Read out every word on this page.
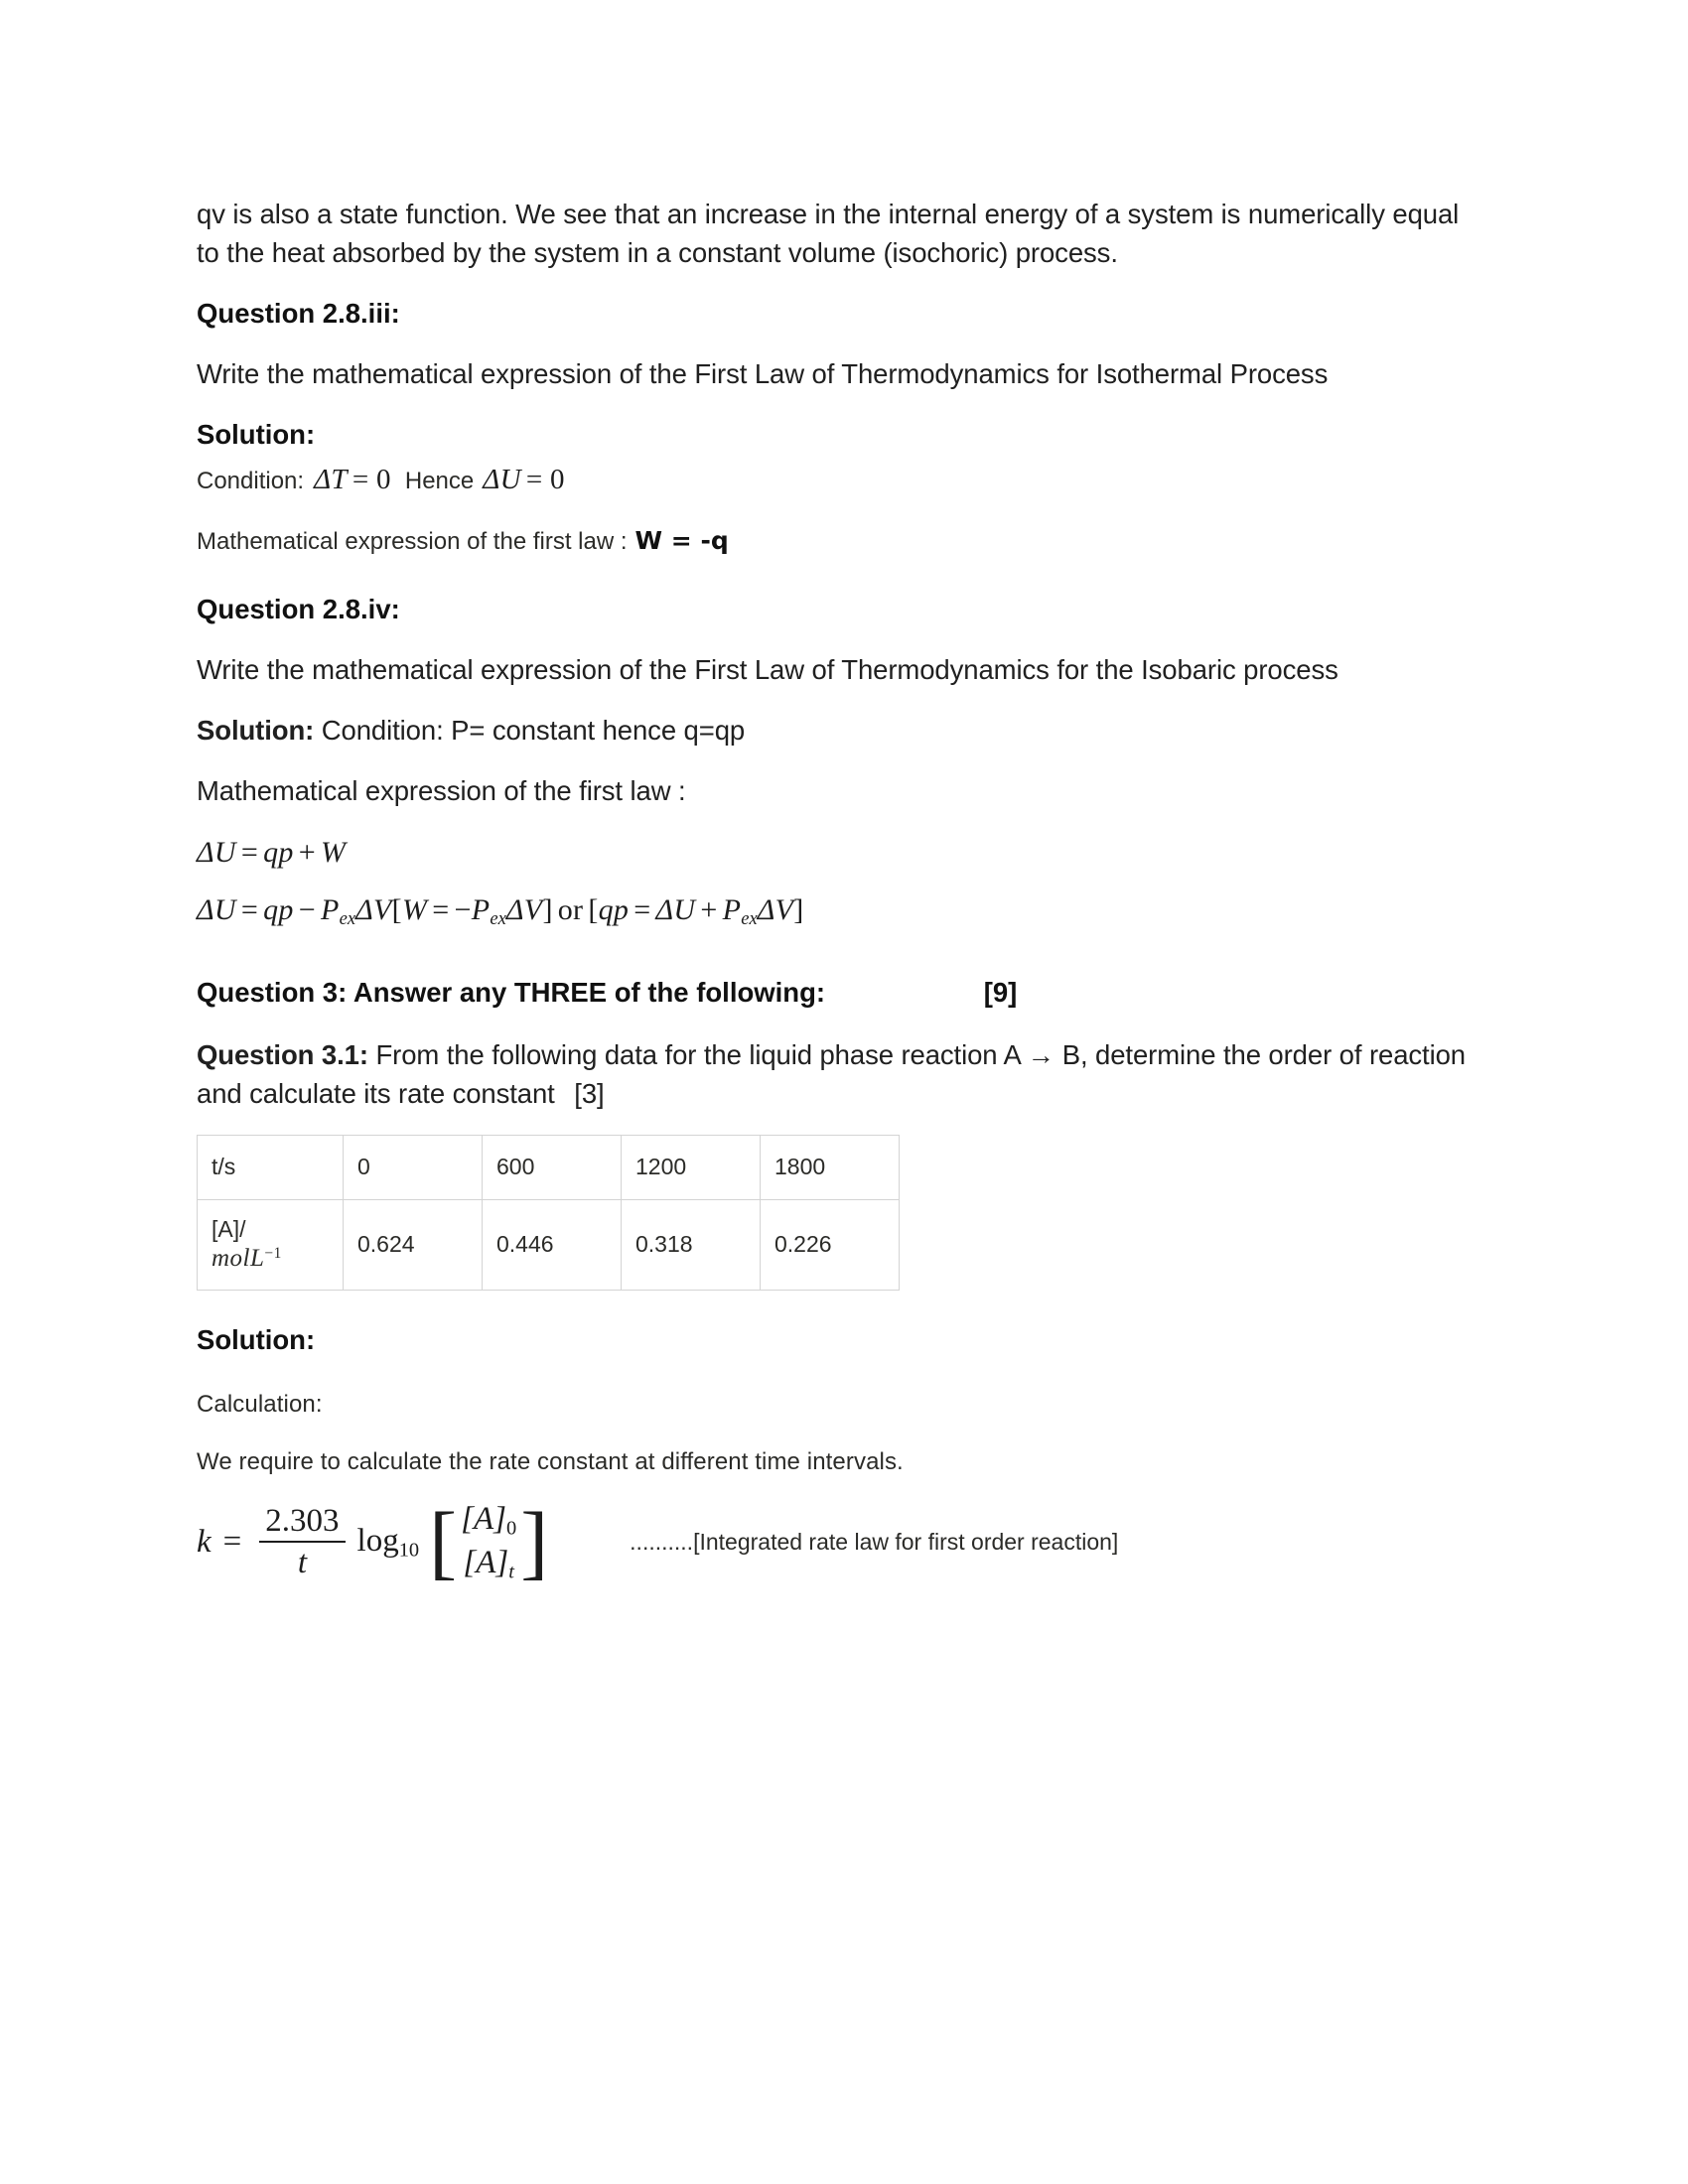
qv is also a state function. We see that an increase in the internal energy of a system is numerically equal to the heat absorbed by the system in a constant volume (isochoric) process.

Question 2.8.iii:

Write the mathematical expression of the First Law of Thermodynamics for Isothermal Process

Solution:

Condition: ΔT = 0 Hence ΔU = 0
Mathematical expression of the first law : W = -q

Question 2.8.iv:

Write the mathematical expression of the First Law of Thermodynamics for the Isobaric process

Solution: Condition: P= constant hence q=qp

Mathematical expression of the first law :

ΔU = qp + W
ΔU = qp − $P_{ex}\Delta V[W = -P_{ex}\Delta V]$ or $[qp = \Delta U + P_{ex}\Delta V]$

Question 3: Answer any THREE of the following:	[9]

Question 3.1: From the following data for the liquid phase reaction A → B, determine the order of reaction and calculate its rate constant [3]

t/s	0	600	1200	1800
[A]/
molL$^{-1}$	0.624	0.446	0.318	0.226

Solution:

Calculation:

We require to calculate the rate constant at different time intervals.

$k = \frac{2.303}{t} \log 10$ [ [A]0
$[A]_t$ ]	..........[Integrated rate law for first order reaction]
